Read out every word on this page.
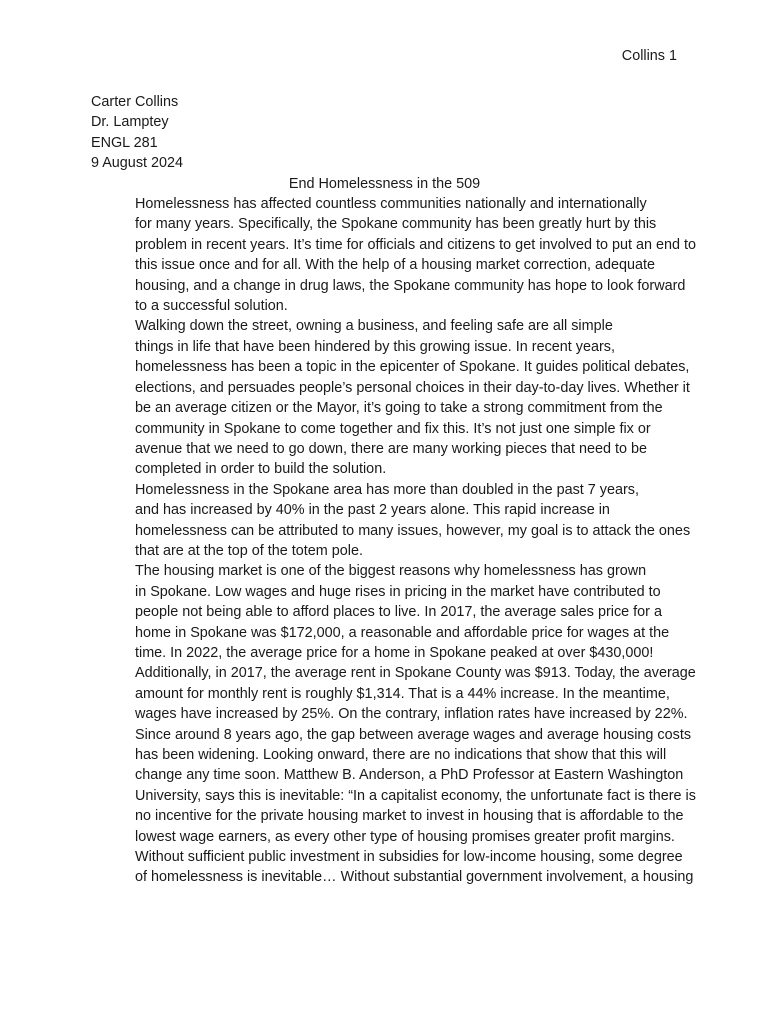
Collins 1

Carter Collins

Dr. Lamptey

ENGL 281

9 August 2024

End Homelessness in the 509

Homelessness has affected countless communities nationally and internationally
for many years. Specifically, the Spokane community has been greatly hurt by this
problem in recent years. It’s time for officials and citizens to get involved to put an end to
this issue once and for all. With the help of a housing market correction, adequate
housing, and a change in drug laws, the Spokane community has hope to look forward
to a successful solution.

Walking down the street, owning a business, and feeling safe are all simple
things in life that have been hindered by this growing issue. In recent years,
homelessness has been a topic in the epicenter of Spokane. It guides political debates,
elections, and persuades people’s personal choices in their day-to-day lives. Whether it
be an average citizen or the Mayor, it’s going to take a strong commitment from the
community in Spokane to come together and fix this. It’s not just one simple fix or
avenue that we need to go down, there are many working pieces that need to be
completed in order to build the solution.

Homelessness in the Spokane area has more than doubled in the past 7 years,
and has increased by 40% in the past 2 years alone. This rapid increase in
homelessness can be attributed to many issues, however, my goal is to attack the ones
that are at the top of the totem pole.

The housing market is one of the biggest reasons why homelessness has grown
in Spokane. Low wages and huge rises in pricing in the market have contributed to
people not being able to afford places to live. In 2017, the average sales price for a
home in Spokane was $172,000, a reasonable and affordable price for wages at the
time. In 2022, the average price for a home in Spokane peaked at over $430,000!
Additionally, in 2017, the average rent in Spokane County was $913. Today, the average
amount for monthly rent is roughly $1,314. That is a 44% increase. In the meantime,
wages have increased by 25%. On the contrary, inflation rates have increased by 22%.
Since around 8 years ago, the gap between average wages and average housing costs
has been widening. Looking onward, there are no indications that show that this will
change any time soon. Matthew B. Anderson, a PhD Professor at Eastern Washington
University, says this is inevitable: “In a capitalist economy, the unfortunate fact is there is
no incentive for the private housing market to invest in housing that is affordable to the
lowest wage earners, as every other type of housing promises greater profit margins.
Without sufficient public investment in subsidies for low-income housing, some degree
of homelessness is inevitable… Without substantial government involvement, a housing
